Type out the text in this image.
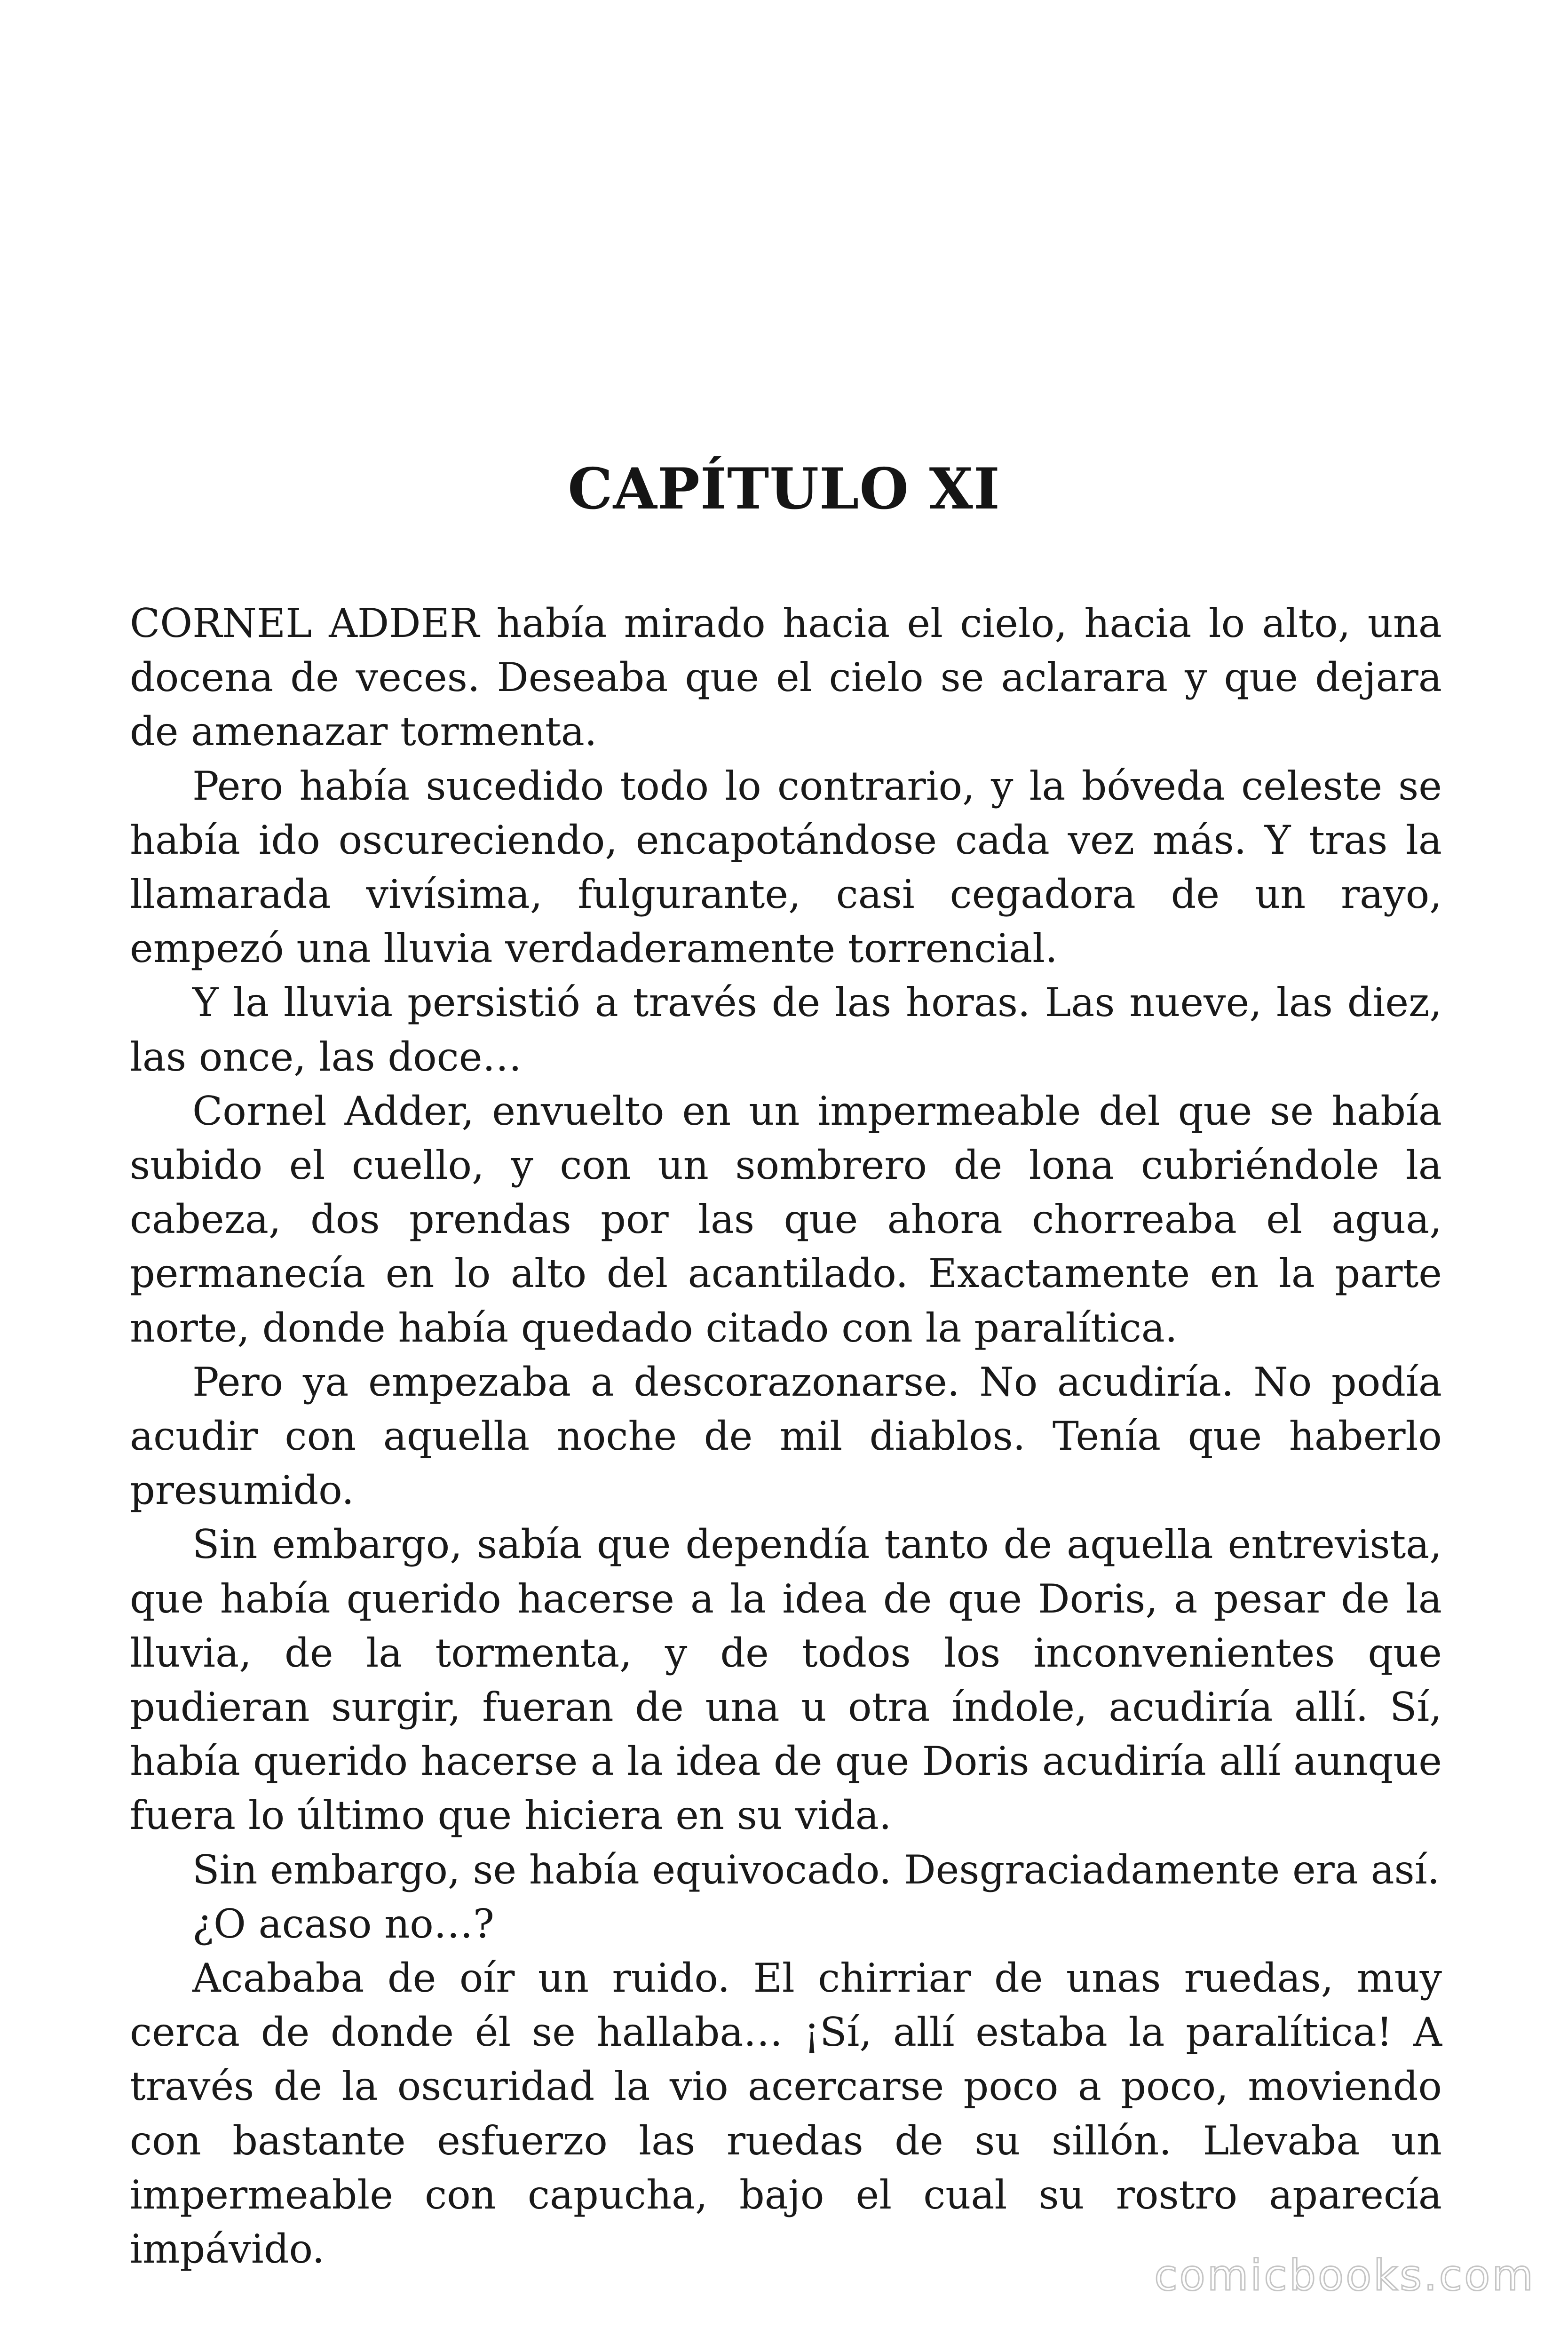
CAPÍTULO XI

CORNEL ADDER había mirado hacia el cielo, hacia lo alto, una docena de veces. Deseaba que el cielo se aclarara y que dejara de amenazar tormenta.

Pero había sucedido todo lo contrario, y la bóveda celeste se había ido oscureciendo, encapotándose cada vez más. Y tras la llamarada vivísima, fulgurante, casi cegadora de un rayo, empezó una lluvia verdaderamente torrencial.

Y la lluvia persistió a través de las horas. Las nueve, las diez, las once, las doce…

Cornel Adder, envuelto en un impermeable del que se había subido el cuello, y con un sombrero de lona cubriéndole la cabeza, dos prendas por las que ahora chorreaba el agua, permanecía en lo alto del acantilado. Exactamente en la parte norte, donde había quedado citado con la paralítica.

Pero ya empezaba a descorazonarse. No acudiría. No podía acudir con aquella noche de mil diablos. Tenía que haberlo presumido.

Sin embargo, sabía que dependía tanto de aquella entrevista, que había querido hacerse a la idea de que Doris, a pesar de la lluvia, de la tormenta, y de todos los inconvenientes que pudieran surgir, fueran de una u otra índole, acudiría allí. Sí, había querido hacerse a la idea de que Doris acudiría allí aunque fuera lo último que hiciera en su vida.

Sin embargo, se había equivocado. Desgraciadamente era así.

¿O acaso no…?

Acababa de oír un ruido. El chirriar de unas ruedas, muy cerca de donde él se hallaba… ¡Sí, allí estaba la paralítica! A través de la oscuridad la vio acercarse poco a poco, moviendo con bastante esfuerzo las ruedas de su sillón. Llevaba un impermeable con capucha, bajo el cual su rostro aparecía impávido.

comicbooks.com
